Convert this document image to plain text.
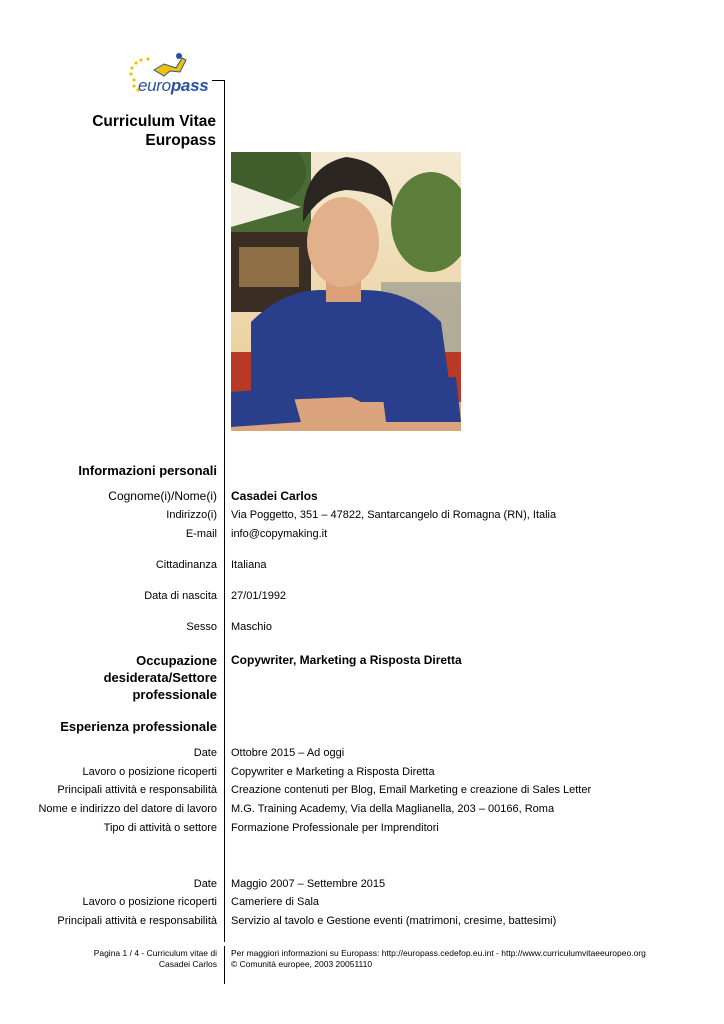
europass
Curriculum Vitae
Europass
Informazioni personali
Cognome(i)/Nome(i) Casadei Carlos
Indirizzo(i) Via Poggetto, 351 – 47822, Santarcangelo di Romagna (RN), Italia
E-mail info@copymaking.it
Cittadinanza Italiana
Data di nascita 27/01/1992
Sesso Maschio
Occupazione
desiderata/Settore
professionale
Copywriter, Marketing a Risposta Diretta
Esperienza professionale
Date Ottobre 2015 – Ad oggi
Lavoro o posizione ricoperti Copywriter e Marketing a Risposta Diretta
Principali attività e responsabilità Creazione contenuti per Blog, Email Marketing e creazione di Sales Letter
Nome e indirizzo del datore di lavoro M.G. Training Academy, Via della Maglianella, 203 – 00166, Roma
Tipo di attività o settore Formazione Professionale per Imprenditori
Date Maggio 2007 – Settembre 2015
Lavoro o posizione ricoperti Cameriere di Sala
Principali attività e responsabilità Servizio al tavolo e Gestione eventi (matrimoni, cresime, battesimi)
Pagina 1 / 4 - Curriculum vitae di
Casadei Carlos
Per maggiori informazioni su Europass: http://europass.cedefop.eu.int - http://www.curriculumvitaeeuropeo.org
© Comunità europee, 2003 20051110
